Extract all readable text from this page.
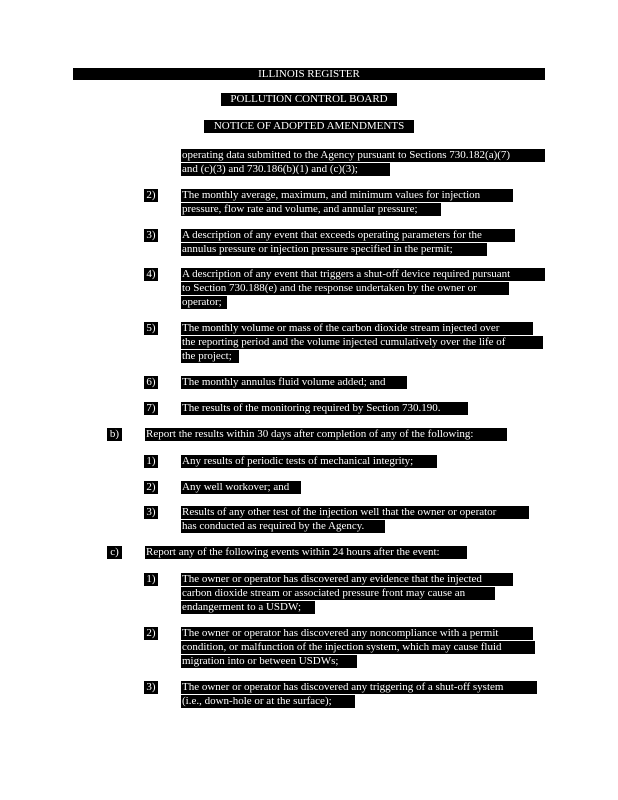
ILLINOIS REGISTER
POLLUTION CONTROL BOARD
NOTICE OF ADOPTED AMENDMENTS
operating data submitted to the Agency pursuant to Sections 730.182(a)(7)
and (c)(3) and 730.186(b)(1) and (c)(3);
2) The monthly average, maximum, and minimum values for injection
pressure, flow rate and volume, and annular pressure;
3) A description of any event that exceeds operating parameters for the
annulus pressure or injection pressure specified in the permit;
4) A description of any event that triggers a shut-off device required pursuant
to Section 730.188(e) and the response undertaken by the owner or
operator;
5) The monthly volume or mass of the carbon dioxide stream injected over
the reporting period and the volume injected cumulatively over the life of
the project;
6) The monthly annulus fluid volume added; and
7) The results of the monitoring required by Section 730.190.
b) Report the results within 30 days after completion of any of the following:
1) Any results of periodic tests of mechanical integrity;
2) Any well workover; and
3) Results of any other test of the injection well that the owner or operator
has conducted as required by the Agency.
c) Report any of the following events within 24 hours after the event:
1) The owner or operator has discovered any evidence that the injected
carbon dioxide stream or associated pressure front may cause an
endangerment to a USDW;
2) The owner or operator has discovered any noncompliance with a permit
condition, or malfunction of the injection system, which may cause fluid
migration into or between USDWs;
3) The owner or operator has discovered any triggering of a shut-off system
(i.e., down-hole or at the surface);
